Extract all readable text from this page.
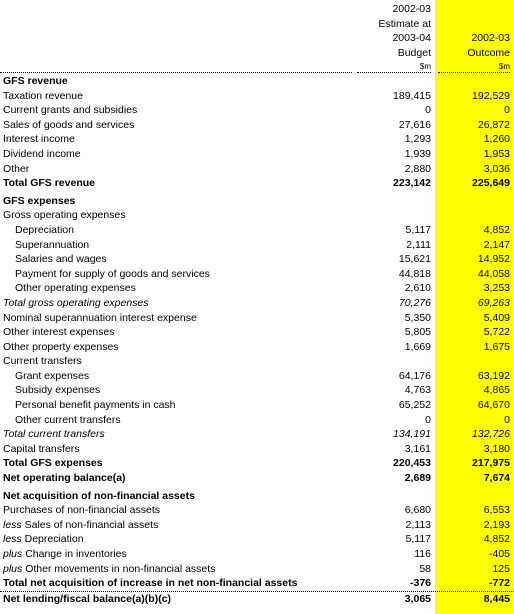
2002-03
Estimate at
2003-04
Budget
$m
2002-03
Outcome
$m
GFS revenue
Taxation revenue	189,415	192,529
Current grants and subsidies	0	0
Sales of goods and services	27,616	26,872
Interest income	1,293	1,260
Dividend income	1,939	1,953
Other	2,880	3,036
Total GFS revenue	223,142	225,649
GFS expenses
Gross operating expenses
Depreciation	5,117	4,852
Superannuation	2,111	2,147
Salaries and wages	15,621	14,952
Payment for supply of goods and services	44,818	44,058
Other operating expenses	2,610	3,253
Total gross operating expenses	70,276	69,263
Nominal superannuation interest expense	5,350	5,409
Other interest expenses	5,805	5,722
Other property expenses	1,669	1,675
Current transfers
Grant expenses	64,176	63,192
Subsidy expenses	4,763	4,865
Personal benefit payments in cash	65,252	64,670
Other current transfers	0	0
Total current transfers	134,191	132,726
Capital transfers	3,161	3,180
Total GFS expenses	220,453	217,975
Net operating balance(a)	2,689	7,674
Net acquisition of non-financial assets
Purchases of non-financial assets	6,680	6,553
less Sales of non-financial assets	2,113	2,193
less Depreciation	5,117	4,852
plus Change in inventories	116	-405
plus Other movements in non-financial assets	58	125
Total net acquisition of increase in net non-financial assets	-376	-772
Net lending/fiscal balance(a)(b)(c)	3,065	8,445
